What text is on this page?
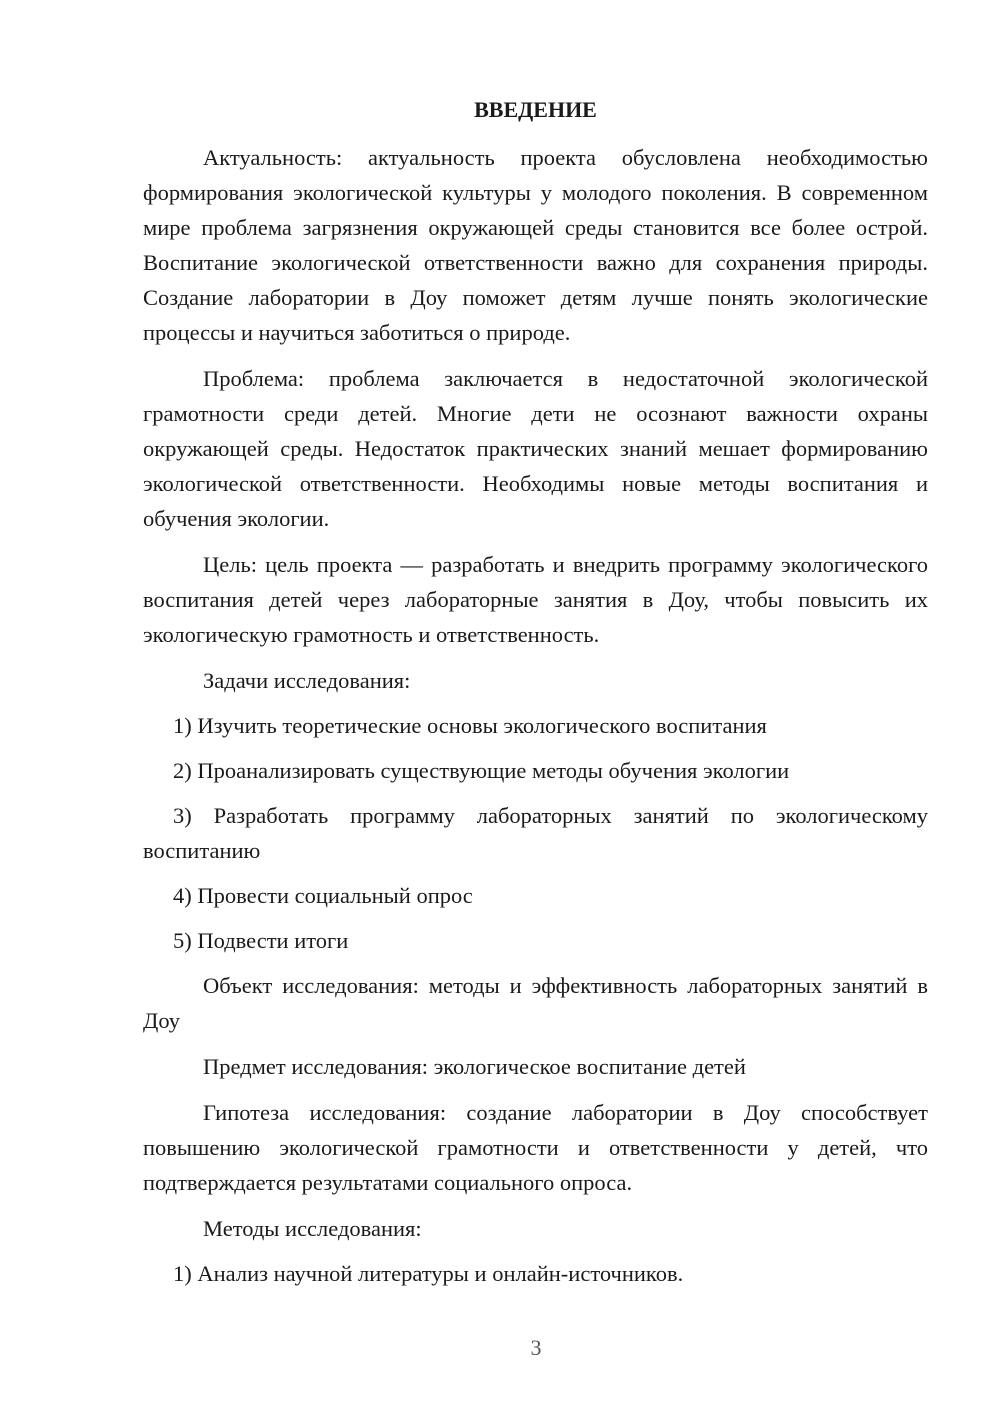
ВВЕДЕНИЕ

Актуальность: актуальность проекта обусловлена необходимостью формирования экологической культуры у молодого поколения. В современном мире проблема загрязнения окружающей среды становится все более острой. Воспитание экологической ответственности важно для сохранения природы. Создание лаборатории в Доу поможет детям лучше понять экологические процессы и научиться заботиться о природе.

Проблема: проблема заключается в недостаточной экологической грамотности среди детей. Многие дети не осознают важности охраны окружающей среды. Недостаток практических знаний мешает формированию экологической ответственности. Необходимы новые методы воспитания и обучения экологии.

Цель: цель проекта — разработать и внедрить программу экологического воспитания детей через лабораторные занятия в Доу, чтобы повысить их экологическую грамотность и ответственность.

Задачи исследования:

1) Изучить теоретические основы экологического воспитания

2) Проанализировать существующие методы обучения экологии

3) Разработать программу лабораторных занятий по экологическому воспитанию

4) Провести социальный опрос

5) Подвести итоги

Объект исследования: методы и эффективность лабораторных занятий в Доу

Предмет исследования: экологическое воспитание детей

Гипотеза исследования: создание лаборатории в Доу способствует повышению экологической грамотности и ответственности у детей, что подтверждается результатами социального опроса.

Методы исследования:

1) Анализ научной литературы и онлайн-источников.

3
